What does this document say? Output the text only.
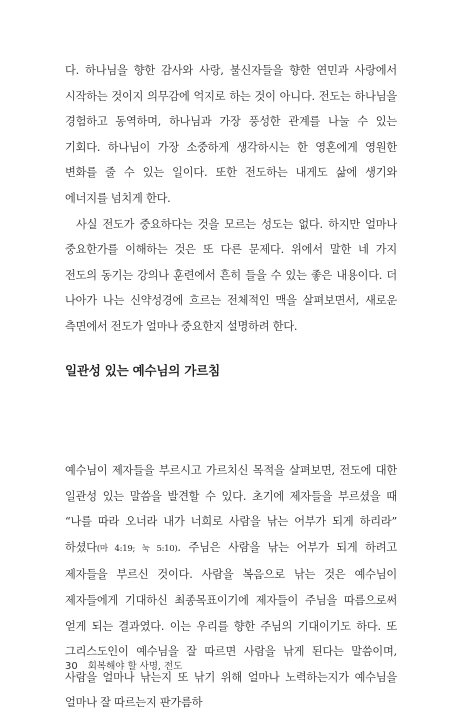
다. 하나님을 향한 감사와 사랑, 불신자들을 향한 연민과 사랑에서 시작하는 것이지 의무감에 억지로 하는 것이 아니다. 전도는 하나님을 경험하고 동역하며, 하나님과 가장 풍성한 관계를 나눌 수 있는 기회다. 하나님이 가장 소중하게 생각하시는 한 영혼에게 영원한 변화를 줄 수 있는 일이다. 또한 전도하는 내게도 삶에 생기와 에너지를 넘치게 한다.

사실 전도가 중요하다는 것을 모르는 성도는 없다. 하지만 얼마나 중요한가를 이해하는 것은 또 다른 문제다. 위에서 말한 네 가지 전도의 동기는 강의나 훈련에서 흔히 들을 수 있는 좋은 내용이다. 더 나아가 나는 신약성경에 흐르는 전체적인 맥을 살펴보면서, 새로운 측면에서 전도가 얼마나 중요한지 설명하려 한다.

일관성 있는 예수님의 가르침

예수님이 제자들을 부르시고 가르치신 목적을 살펴보면, 전도에 대한 일관성 있는 말씀을 발견할 수 있다. 초기에 제자들을 부르셨을 때 “나를 따라 오너라 내가 너희로 사람을 낚는 어부가 되게 하리라” 하셨다(마 4:19; 눅 5:10). 주님은 사람을 낚는 어부가 되게 하려고 제자들을 부르신 것이다. 사람을 복음으로 낚는 것은 예수님이 제자들에게 기대하신 최종목표이기에 제자들이 주님을 따름으로써 얻게 되는 결과였다. 이는 우리를 향한 주님의 기대이기도 하다. 또 그리스도인이 예수님을 잘 따르면 사람을 낚게 된다는 말씀이며, 사람을 얼마나 낚는지 또 낚기 위해 얼마나 노력하는지가 예수님을 얼마나 잘 따르는지 판가름하

30 회복해야 할 사명, 전도
